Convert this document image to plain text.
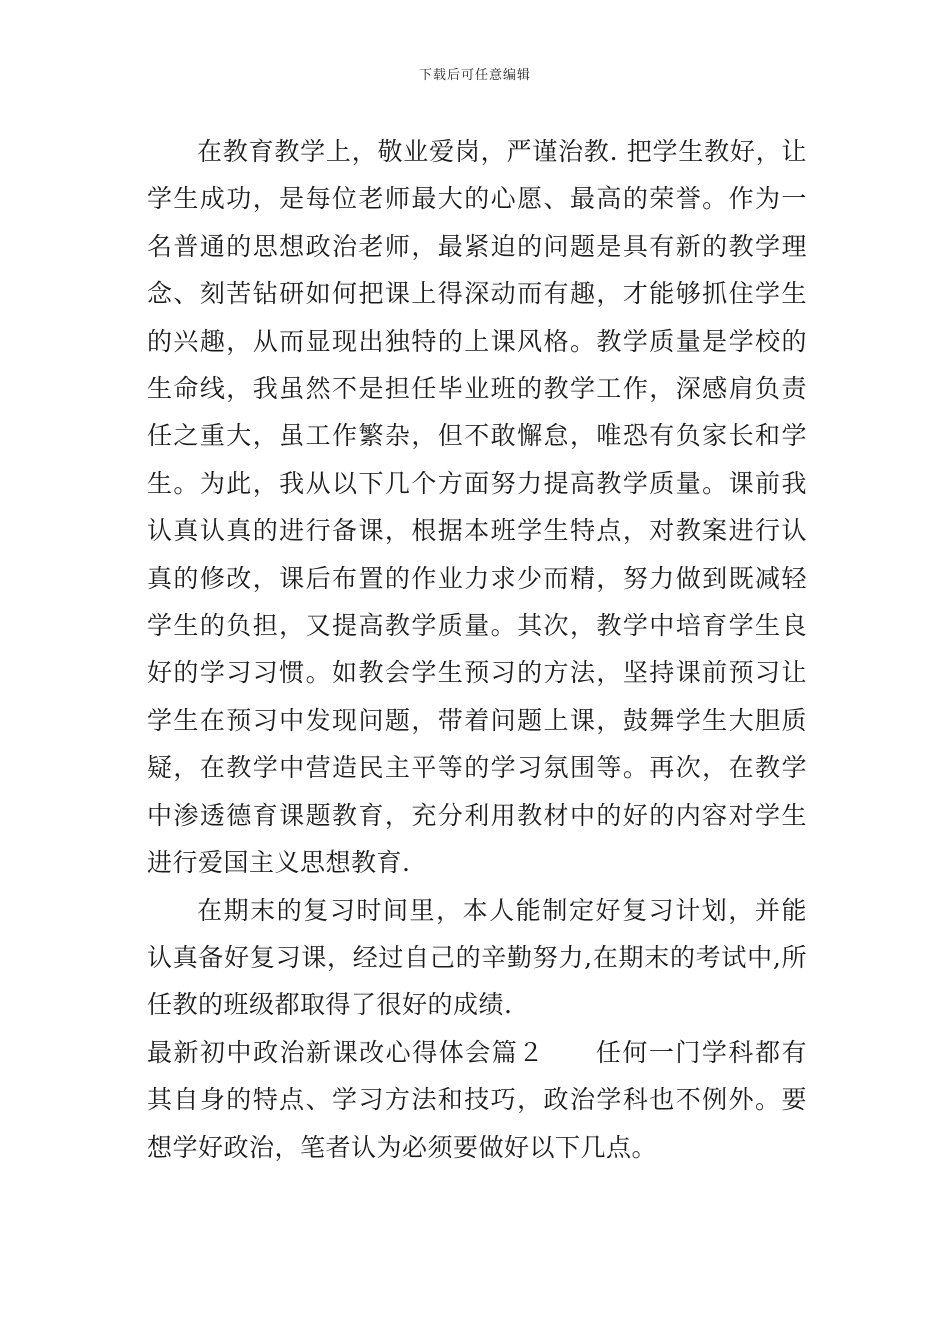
下载后可任意编辑

在教育教学上，敬业爱岗，严谨治教. 把学生教好，让学生成功，是每位老师最大的心愿、最高的荣誉。作为一名普通的思想政治老师，最紧迫的问题是具有新的教学理念、刻苦钻研如何把课上得深动而有趣，才能够抓住学生的兴趣，从而显现出独特的上课风格。教学质量是学校的生命线，我虽然不是担任毕业班的教学工作，深感肩负责任之重大，虽工作繁杂，但不敢懈怠，唯恐有负家长和学生。为此，我从以下几个方面努力提高教学质量。课前我认真认真的进行备课，根据本班学生特点，对教案进行认真的修改，课后布置的作业力求少而精，努力做到既减轻学生的负担，又提高教学质量。其次，教学中培育学生良好的学习习惯。如教会学生预习的方法，坚持课前预习让学生在预习中发现问题，带着问题上课，鼓舞学生大胆质疑，在教学中营造民主平等的学习氛围等。再次，在教学中渗透德育课题教育，充分利用教材中的好的内容对学生进行爱国主义思想教育.

在期末的复习时间里，本人能制定好复习计划，并能认真备好复习课，经过自己的辛勤努力,在期末的考试中,所任教的班级都取得了很好的成绩.

最新初中政治新课改心得体会篇２ 任何一门学科都有其自身的特点、学习方法和技巧，政治学科也不例外。要想学好政治，笔者认为必须要做好以下几点。
